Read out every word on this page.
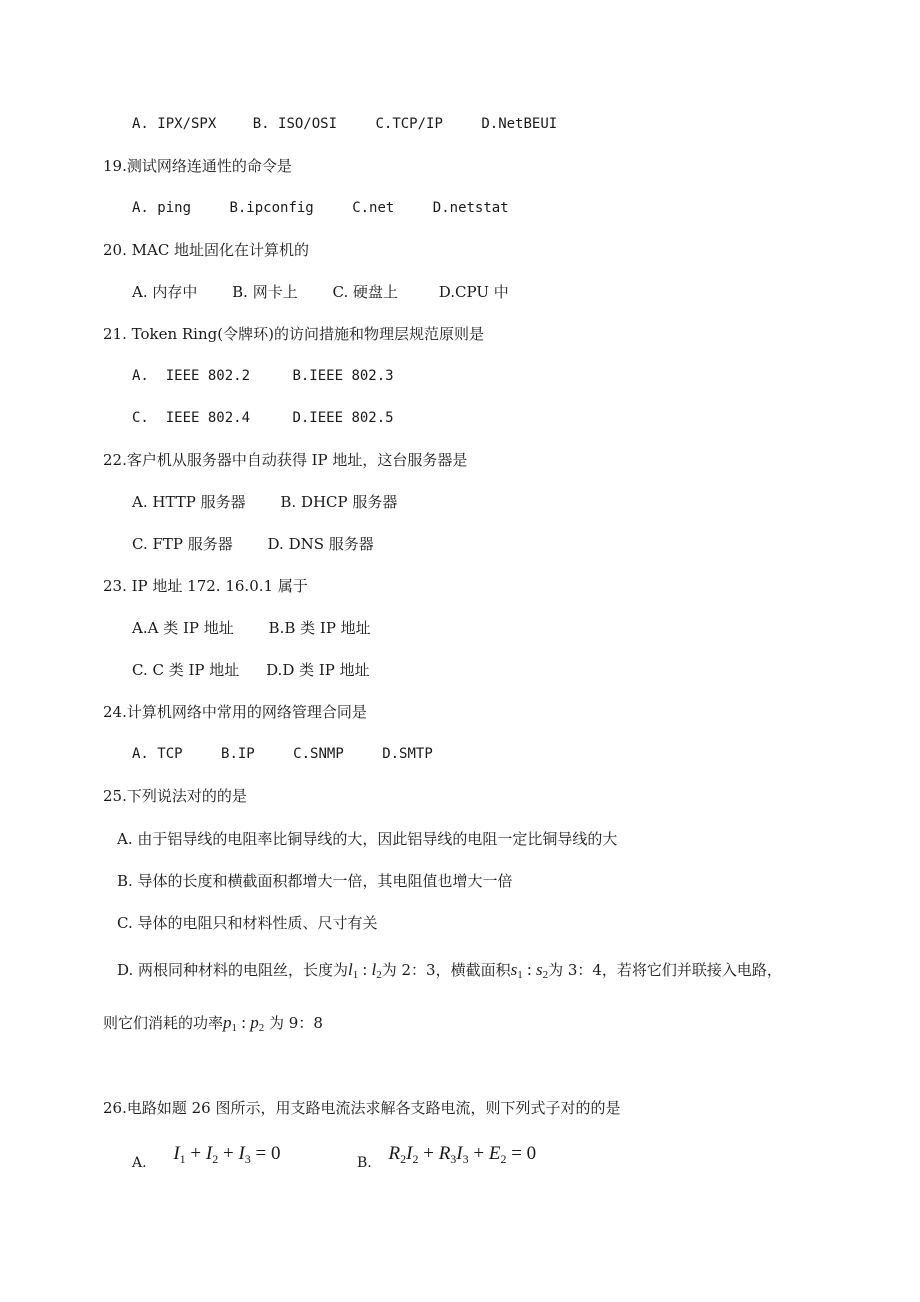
A. IPX/SPX	B. ISO/OSI	C.TCP/IP	D.NetBEUI
19.测试网络连通性的命令是
A. ping	B.ipconfig	C.net	D.netstat
20. MAC 地址固化在计算机的
A. 内存中 B. 网卡上 C. 硬盘上	D.CPU 中
21. Token Ring(令牌环)的访问措施和物理层规范原则是
A.  IEEE 802.2	B.IEEE 802.3
C.  IEEE 802.4	D.IEEE 802.5
22.客户机从服务器中自动获得 IP 地址，这台服务器是
A. HTTP 服务器 B. DHCP 服务器
C. FTP 服务器 D. DNS 服务器
23. IP 地址 172. 16.0.1 属于
A.A 类 IP 地址 B.B 类 IP 地址
C. C 类 IP 地址 D.D 类 IP 地址
24.计算机网络中常用的网络管理合同是
A. TCP	B.IP	C.SNMP	D.SMTP
25.下列说法对的的是
A. 由于铝导线的电阻率比铜导线的大，因此铝导线的电阻一定比铜导线的大
B. 导体的长度和横截面积都增大一倍，其电阻值也增大一倍
C. 导体的电阻只和材料性质、尺寸有关
D. 两根同种材料的电阻丝，长度为$l_1$ : $l_2$为 2：3，横截面积$s_1$ : $s_2$为 3：4，若将它们并联接入电路，
则它们消耗的功率$p_1$ : $p_2$ 为 9：8
26.电路如题 26 图所示，用支路电流法求解各支路电流，则下列式子对的的是
A. $I_1 + I_2 + I_3 = 0$	B. $R_2I_2 + R_3I_3 + E_2 = 0$
